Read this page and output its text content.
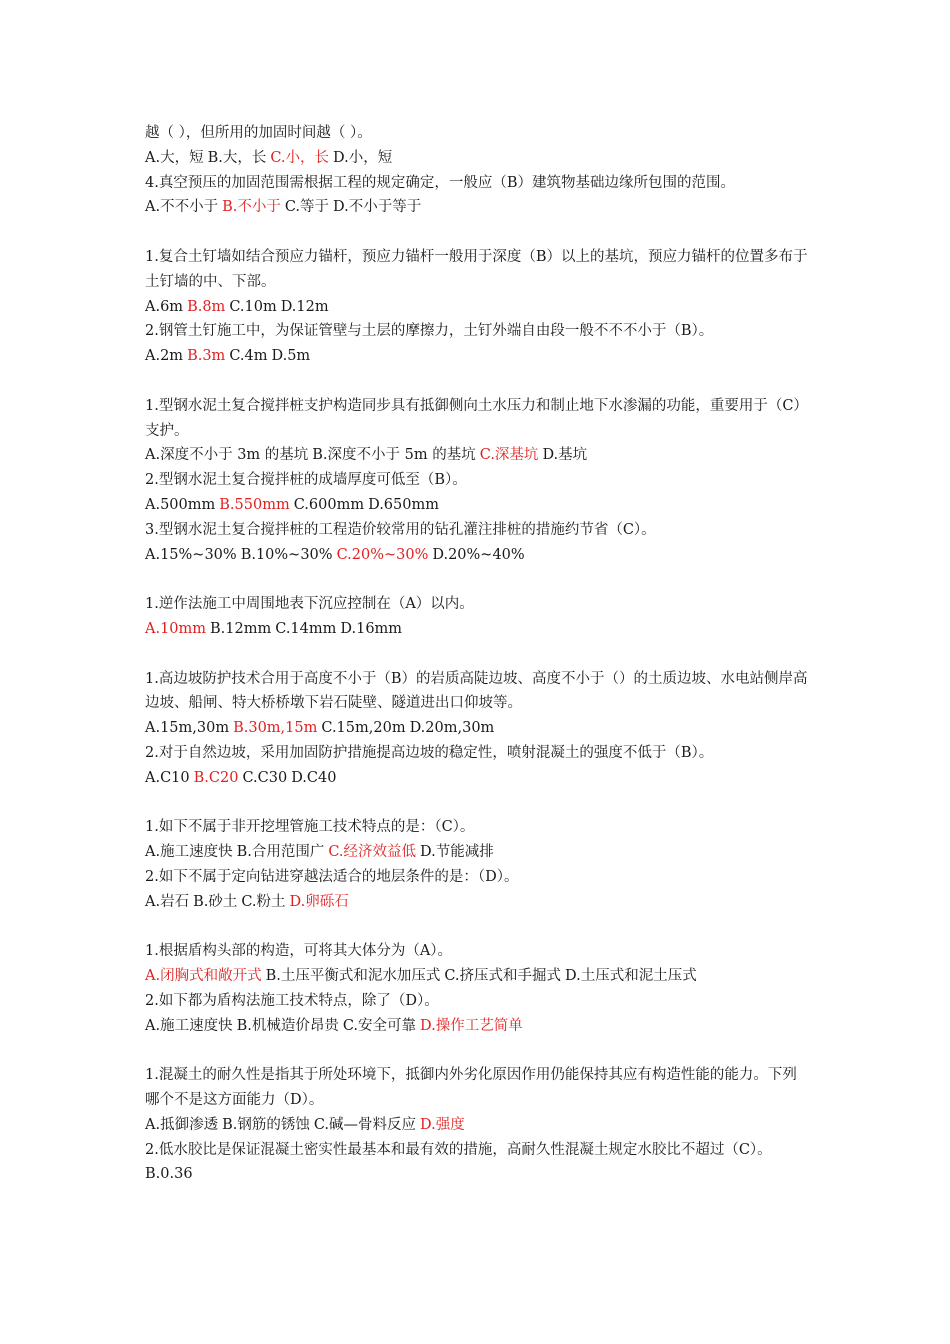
越（ ），但所用的加固时间越（ ）。
A.大，短 B.大，长 C.小，长 D.小，短
4.真空预压的加固范围需根据工程的规定确定，一般应（B）建筑物基础边缘所包围的范围。
A.不不小于 B.不小于 C.等于 D.不小于等于
1.复合土钉墙如结合预应力锚杆，预应力锚杆一般用于深度（B）以上的基坑，预应力锚杆的位置多布于土钉墙的中、下部。
A.6m B.8m C.10m D.12m
2.钢管土钉施工中，为保证管壁与土层的摩擦力，土钉外端自由段一般不不不小于（B）。
A.2m B.3m C.4m D.5m
1.型钢水泥土复合搅拌桩支护构造同步具有抵御侧向土水压力和制止地下水渗漏的功能，重要用于（C）支护。
A.深度不小于 3m 的基坑 B.深度不小于 5m 的基坑 C.深基坑 D.基坑
2.型钢水泥土复合搅拌桩的成墙厚度可低至（B）。
A.500mm B.550mm C.600mm D.650mm
3.型钢水泥土复合搅拌桩的工程造价较常用的钻孔灌注排桩的措施约节省（C）。
A.15%~30% B.10%~30% C.20%~30% D.20%~40%
1.逆作法施工中周围地表下沉应控制在（A）以内。
A.10mm B.12mm C.14mm D.16mm
1.高边坡防护技术合用于高度不小于（B）的岩质高陡边坡、高度不小于（）的土质边坡、水电站侧岸高边坡、船闸、特大桥桥墩下岩石陡壁、隧道进出口仰坡等。
A.15m,30m B.30m,15m C.15m,20m D.20m,30m
2.对于自然边坡，采用加固防护措施提高边坡的稳定性，喷射混凝土的强度不低于（B）。
A.C10 B.C20 C.C30 D.C40
1.如下不属于非开挖埋管施工技术特点的是：（C）。
A.施工速度快 B.合用范围广 C.经济效益低 D.节能减排
2.如下不属于定向钻进穿越法适合的地层条件的是：（D）。
A.岩石 B.砂土 C.粉土 D.卵砾石
1.根据盾构头部的构造，可将其大体分为（A）。
A.闭胸式和敞开式 B.土压平衡式和泥水加压式 C.挤压式和手掘式 D.土压式和泥土压式
2.如下都为盾构法施工技术特点，除了（D）。
A.施工速度快 B.机械造价昂贵 C.安全可靠 D.操作工艺简单
1.混凝土的耐久性是指其于所处环境下，抵御内外劣化原因作用仍能保持其应有构造性能的能力。下列哪个不是这方面能力（D）。
A.抵御渗透 B.钢筋的锈蚀 C.碱—骨料反应 D.强度
2.低水胶比是保证混凝土密实性最基本和最有效的措施，高耐久性混凝土规定水胶比不超过（C）。
B.0.36
